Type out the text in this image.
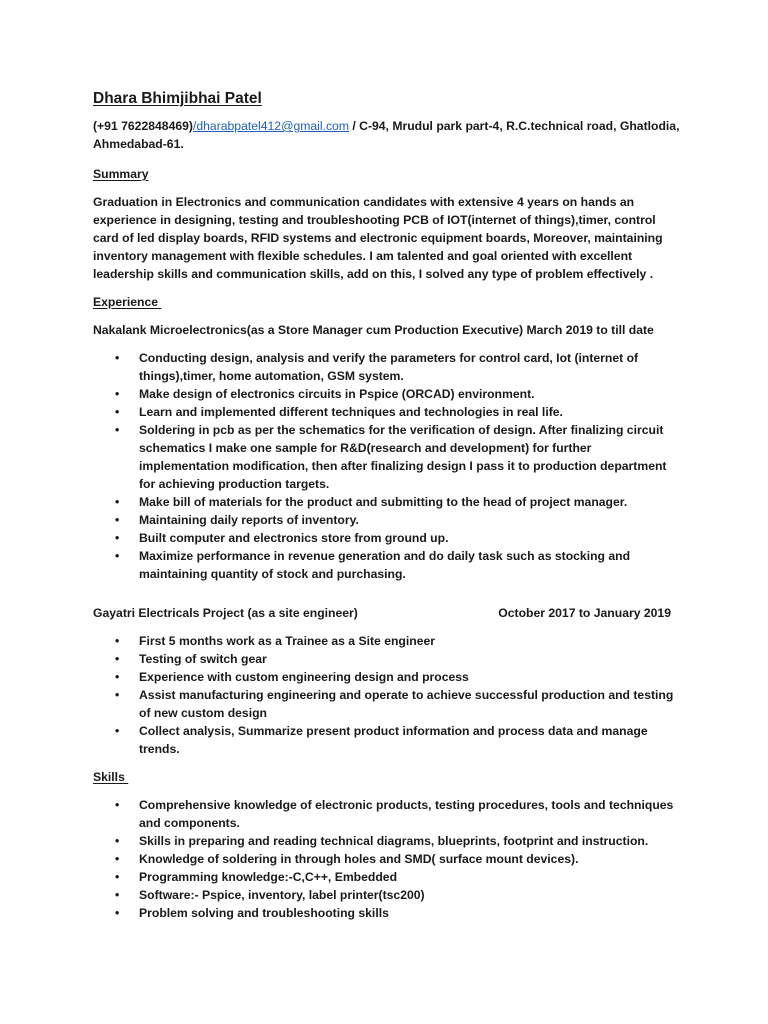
Dhara Bhimjibhai Patel

(+91 7622848469)/dharabpatel412@gmail.com / C-94, Mrudul park part-4, R.C.technical road, Ghatlodia, Ahmedabad-61.

Summary

Graduation in Electronics and communication candidates with extensive 4 years on hands an experience in designing, testing and troubleshooting PCB of IOT(internet of things),timer, control card of led display boards, RFID systems and electronic equipment boards, Moreover, maintaining inventory management with flexible schedules. I am talented and goal oriented with excellent leadership skills and communication skills, add on this, I solved any type of problem effectively .

Experience

Nakalank Microelectronics(as a Store Manager cum Production Executive) March 2019 to till date

• Conducting design, analysis and verify the parameters for control card, Iot (internet of things),timer, home automation, GSM system.
• Make design of electronics circuits in Pspice (ORCAD) environment.
• Learn and implemented different techniques and technologies in real life.
• Soldering in pcb as per the schematics for the verification of design. After finalizing circuit schematics I make one sample for R&D(research and development) for further implementation modification, then after finalizing design I pass it to production department for achieving production targets.
• Make bill of materials for the product and submitting to the head of project manager.
• Maintaining daily reports of inventory.
• Built computer and electronics store from ground up.
• Maximize performance in revenue generation and do daily task such as stocking and maintaining quantity of stock and purchasing.

Gayatri Electricals Project (as a site engineer)	October 2017 to January 2019

• First 5 months work as a Trainee as a Site engineer
• Testing of switch gear
• Experience with custom engineering design and process
• Assist manufacturing engineering and operate to achieve successful production and testing of new custom design
• Collect analysis, Summarize present product information and process data and manage trends.

Skills

• Comprehensive knowledge of electronic products, testing procedures, tools and techniques and components.
• Skills in preparing and reading technical diagrams, blueprints, footprint and instruction.
• Knowledge of soldering in through holes and SMD( surface mount devices).
• Programming knowledge:-C,C++, Embedded
• Software:- Pspice, inventory, label printer(tsc200)
• Problem solving and troubleshooting skills
